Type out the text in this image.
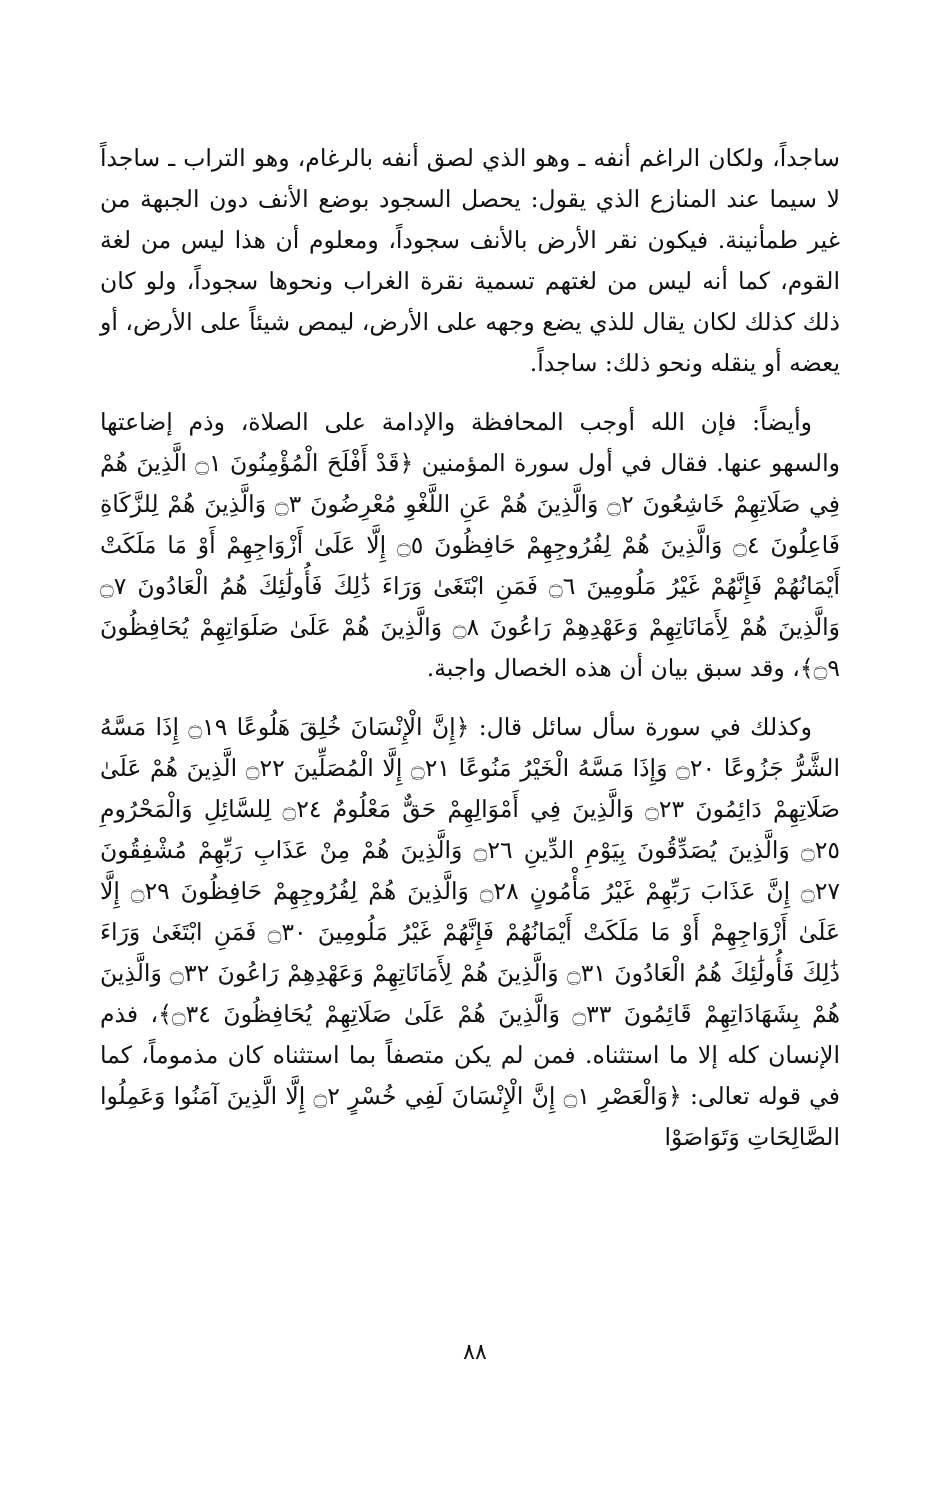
ساجداً، ولكان الراغم أنفه ـ وهو الذي لصق أنفه بالرغام، وهو التراب ـ ساجداً لا سيما عند المنازع الذي يقول: يحصل السجود بوضع الأنف دون الجبهة من غير طمأنينة. فيكون نقر الأرض بالأنف سجوداً، ومعلوم أن هذا ليس من لغة القوم، كما أنه ليس من لغتهم تسمية نقرة الغراب ونحوها سجوداً، ولو كان ذلك كذلك لكان يقال للذي يضع وجهه على الأرض، ليمص شيئاً على الأرض، أو يعضه أو ينقله ونحو ذلك: ساجداً.

وأيضاً: فإن الله أوجب المحافظة والإدامة على الصلاة، وذم إضاعتها والسهو عنها. فقال في أول سورة المؤمنين ﴿قَدْ أَفْلَحَ الْمُؤْمِنُونَ ۝١ الَّذِينَ هُمْ فِي صَلَاتِهِمْ خَاشِعُونَ ۝٢ وَالَّذِينَ هُمْ عَنِ اللَّغْوِ مُعْرِضُونَ ۝٣ وَالَّذِينَ هُمْ لِلزَّكَاةِ فَاعِلُونَ ۝٤ وَالَّذِينَ هُمْ لِفُرُوجِهِمْ حَافِظُونَ ۝٥ إِلَّا عَلَىٰ أَزْوَاجِهِمْ أَوْ مَا مَلَكَتْ أَيْمَانُهُمْ فَإِنَّهُمْ غَيْرُ مَلُومِينَ ۝٦ فَمَنِ ابْتَغَىٰ وَرَاءَ ذَٰلِكَ فَأُولَٰئِكَ هُمُ الْعَادُونَ ۝٧ وَالَّذِينَ هُمْ لِأَمَانَاتِهِمْ وَعَهْدِهِمْ رَاعُونَ ۝٨ وَالَّذِينَ هُمْ عَلَىٰ صَلَوَاتِهِمْ يُحَافِظُونَ ۝٩﴾، وقد سبق بيان أن هذه الخصال واجبة.

وكذلك في سورة سأل سائل قال: ﴿إِنَّ الْإِنْسَانَ خُلِقَ هَلُوعًا ۝١٩ إِذَا مَسَّهُ الشَّرُّ جَزُوعًا ۝٢٠ وَإِذَا مَسَّهُ الْخَيْرُ مَنُوعًا ۝٢١ إِلَّا الْمُصَلِّينَ ۝٢٢ الَّذِينَ هُمْ عَلَىٰ صَلَاتِهِمْ دَائِمُونَ ۝٢٣ وَالَّذِينَ فِي أَمْوَالِهِمْ حَقٌّ مَعْلُومٌ ۝٢٤ لِلسَّائِلِ وَالْمَحْرُومِ ۝٢٥ وَالَّذِينَ يُصَدِّقُونَ بِيَوْمِ الدِّينِ ۝٢٦ وَالَّذِينَ هُمْ مِنْ عَذَابِ رَبِّهِمْ مُشْفِقُونَ ۝٢٧ إِنَّ عَذَابَ رَبِّهِمْ غَيْرُ مَأْمُونٍ ۝٢٨ وَالَّذِينَ هُمْ لِفُرُوجِهِمْ حَافِظُونَ ۝٢٩ إِلَّا عَلَىٰ أَزْوَاجِهِمْ أَوْ مَا مَلَكَتْ أَيْمَانُهُمْ فَإِنَّهُمْ غَيْرُ مَلُومِينَ ۝٣٠ فَمَنِ ابْتَغَىٰ وَرَاءَ ذَٰلِكَ فَأُولَٰئِكَ هُمُ الْعَادُونَ ۝٣١ وَالَّذِينَ هُمْ لِأَمَانَاتِهِمْ وَعَهْدِهِمْ رَاعُونَ ۝٣٢ وَالَّذِينَ هُمْ بِشَهَادَاتِهِمْ قَائِمُونَ ۝٣٣ وَالَّذِينَ هُمْ عَلَىٰ صَلَاتِهِمْ يُحَافِظُونَ ۝٣٤﴾، فذم الإنسان كله إلا ما استثناه. فمن لم يكن متصفاً بما استثناه كان مذموماً، كما في قوله تعالى: ﴿وَالْعَصْرِ ۝١ إِنَّ الْإِنْسَانَ لَفِي خُسْرٍ ۝٢ إِلَّا الَّذِينَ آمَنُوا وَعَمِلُوا الصَّالِحَاتِ وَتَوَاصَوْا

٨٨
